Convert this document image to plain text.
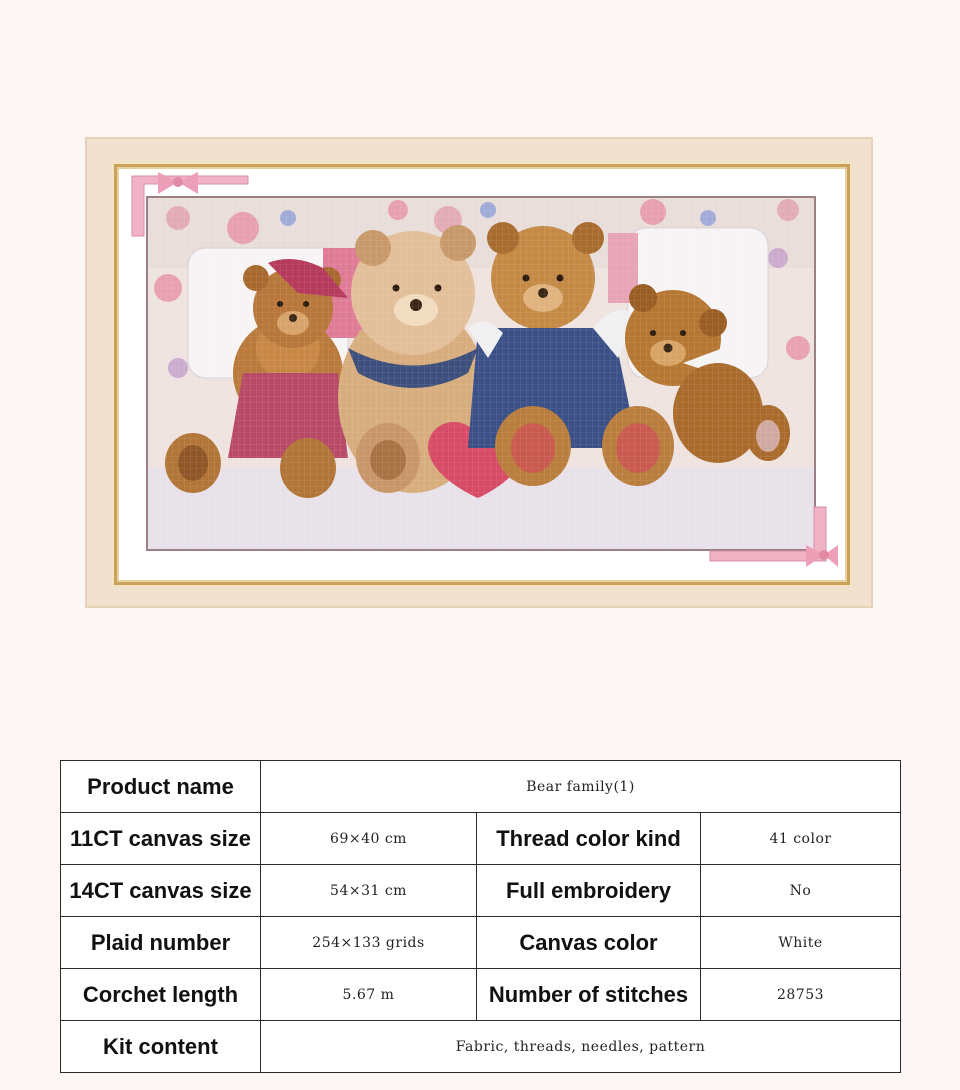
Product name	Bear family(1)		
11CT canvas size	69×40 cm	Thread color kind	41 color
14CT canvas size	54×31 cm	Full embroidery	No
Plaid number	254×133 grids	Canvas color	White
Corchet length	5.67 m	Number of stitches	28753
Kit content	Fabric, threads, needles, pattern		
